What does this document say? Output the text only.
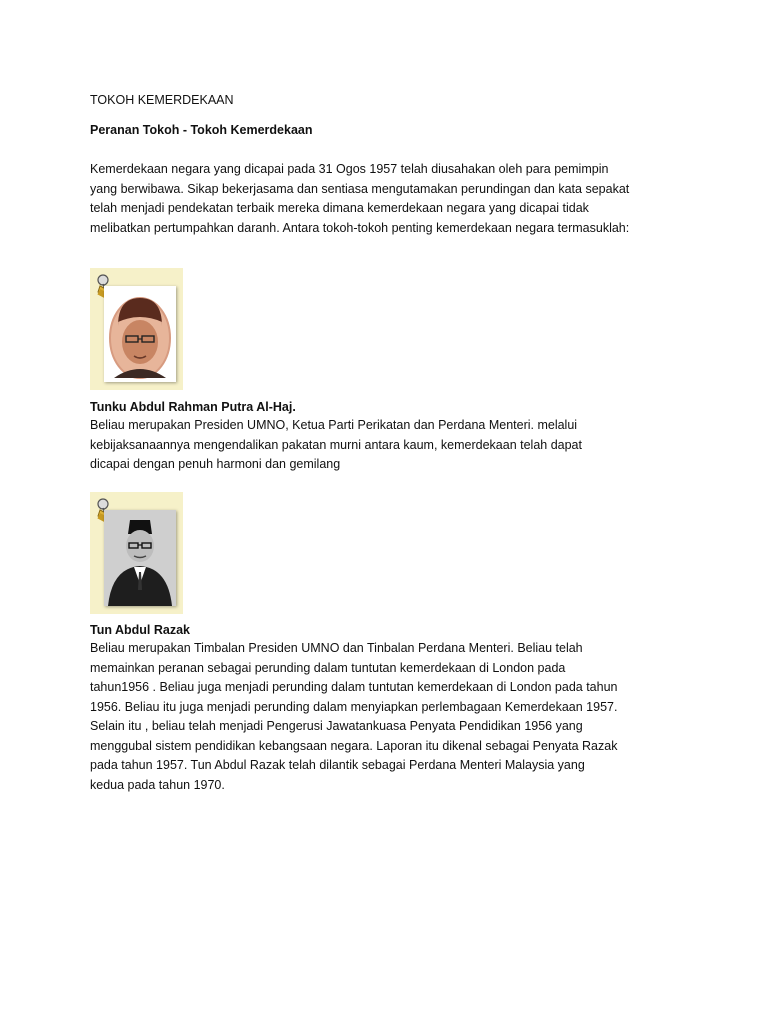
TOKOH KEMERDEKAAN
Peranan Tokoh - Tokoh Kemerdekaan
Kemerdekaan negara yang dicapai pada 31 Ogos 1957 telah diusahakan oleh para pemimpin yang berwibawa. Sikap bekerjasama dan sentiasa mengutamakan perundingan dan kata sepakat telah menjadi pendekatan terbaik mereka dimana kemerdekaan negara yang dicapai tidak melibatkan pertumpahkan daranh. Antara tokoh-tokoh penting kemerdekaan negara termasuklah:
Tunku Abdul Rahman Putra Al-Haj.
Beliau merupakan Presiden UMNO, Ketua Parti Perikatan dan Perdana Menteri. melalui kebijaksanaannya mengendalikan pakatan murni antara kaum, kemerdekaan telah dapat dicapai dengan penuh harmoni dan gemilang
Tun Abdul Razak
Beliau merupakan Timbalan Presiden UMNO dan Tinbalan Perdana Menteri. Beliau telah memainkan peranan sebagai perunding dalam tuntutan kemerdekaan di London pada tahun1956 . Beliau juga menjadi perunding dalam tuntutan kemerdekaan di London pada tahun 1956. Beliau itu juga menjadi perunding dalam menyiapkan perlembagaan Kemerdekaan 1957. Selain itu , beliau telah menjadi Pengerusi Jawatankuasa Penyata Pendidikan 1956 yang menggubal sistem pendidikan kebangsaan negara. Laporan itu dikenal sebagai Penyata Razak pada tahun 1957. Tun Abdul Razak telah dilantik sebagai Perdana Menteri Malaysia yang kedua pada tahun 1970.
